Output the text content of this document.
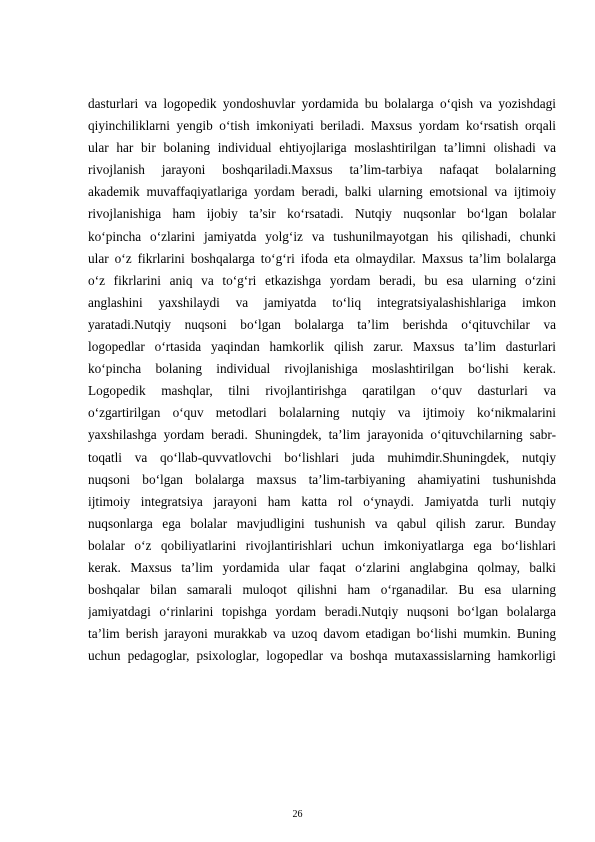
dasturlari va logopedik yondoshuvlar yordamida bu bolalarga o‘qish va yozishdagi
qiyinchiliklarni yengib o‘tish imkoniyati beriladi. Maxsus yordam ko‘rsatish orqali
ular har bir bolaning individual ehtiyojlariga moslashtirilgan ta’limni olishadi va
rivojlanish jarayoni boshqariladi.Maxsus ta’lim-tarbiya nafaqat bolalarning
akademik muvaffaqiyatlariga yordam beradi, balki ularning emotsional va ijtimoiy
rivojlanishiga ham ijobiy ta’sir ko‘rsatadi. Nutqiy nuqsonlar bo‘lgan bolalar
ko‘pincha o‘zlarini jamiyatda yolg‘iz va tushunilmayotgan his qilishadi, chunki
ular o‘z fikrlarini boshqalarga to‘g‘ri ifoda eta olmaydilar. Maxsus ta’lim bolalarga
o‘z fikrlarini aniq va to‘g‘ri etkazishga yordam beradi, bu esa ularning o‘zini
anglashini yaxshilaydi va jamiyatda to‘liq integratsiyalashishlariga imkon
yaratadi.Nutqiy nuqsoni bo‘lgan bolalarga ta’lim berishda o‘qituvchilar va
logopedlar o‘rtasida yaqindan hamkorlik qilish zarur. Maxsus ta’lim dasturlari
ko‘pincha bolaning individual rivojlanishiga moslashtirilgan bo‘lishi kerak.
Logopedik mashqlar, tilni rivojlantirishga qaratilgan o‘quv dasturlari va
o‘zgartirilgan o‘quv metodlari bolalarning nutqiy va ijtimoiy ko‘nikmalarini
yaxshilashga yordam beradi. Shuningdek, ta’lim jarayonida o‘qituvchilarning sabr-
toqatli va qo‘llab-quvvatlovchi bo‘lishlari juda muhimdir.Shuningdek, nutqiy
nuqsoni bo‘lgan bolalarga maxsus ta’lim-tarbiyaning ahamiyatini tushunishda
ijtimoiy integratsiya jarayoni ham katta rol o‘ynaydi. Jamiyatda turli nutqiy
nuqsonlarga ega bolalar mavjudligini tushunish va qabul qilish zarur. Bunday
bolalar o‘z qobiliyatlarini rivojlantirishlari uchun imkoniyatlarga ega bo‘lishlari
kerak. Maxsus ta’lim yordamida ular faqat o‘zlarini anglabgina qolmay, balki
boshqalar bilan samarali muloqot qilishni ham o‘rganadilar. Bu esa ularning
jamiyatdagi o‘rinlarini topishga yordam beradi.Nutqiy nuqsoni bo‘lgan bolalarga
ta’lim berish jarayoni murakkab va uzoq davom etadigan bo‘lishi mumkin. Buning
uchun pedagoglar, psixologlar, logopedlar va boshqa mutaxassislarning hamkorligi
26
